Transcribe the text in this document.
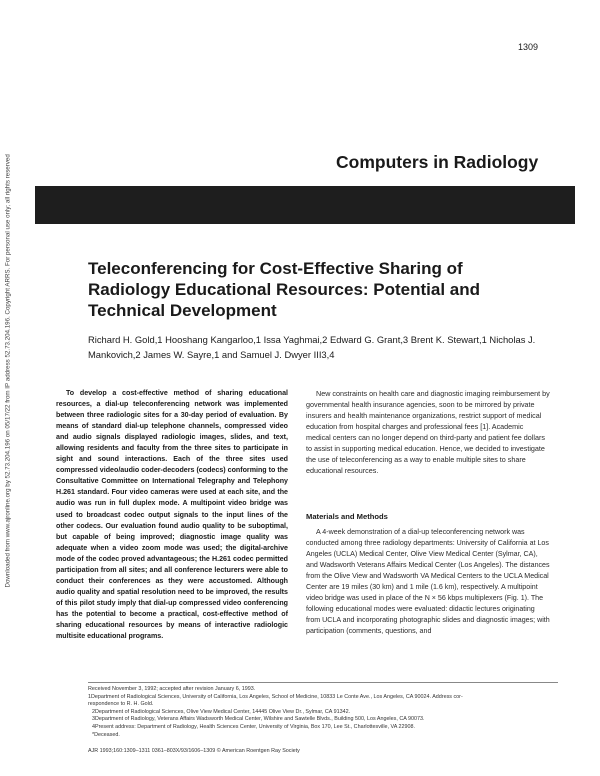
Downloaded from www.ajronline.org by 52.73.204.196 on 05/17/22 from IP address 52.73.204.196. Copyright ARRS. For personal use only; all rights reserved
1309
Computers in Radiology
Teleconferencing for Cost-Effective Sharing of Radiology Educational Resources: Potential and Technical Development
Richard H. Gold,1 Hooshang Kangarloo,1 Issa Yaghmai,2 Edward G. Grant,3 Brent K. Stewart,1 Nicholas J. Mankovich,2 James W. Sayre,1 and Samuel J. Dwyer III3,4

To develop a cost-effective method of sharing educational resources, a dial-up teleconferencing network was implemented between three radiologic sites for a 30-day period of evaluation. By means of standard dial-up telephone channels, compressed video and audio signals displayed radiologic images, slides, and text, allowing residents and faculty from the three sites to participate in sight and sound interactions. Each of the three sites used compressed video/audio coder-decoders (codecs) conforming to the Consultative Committee on International Telegraphy and Telephony H.261 standard. Four video cameras were used at each site, and the audio was run in full duplex mode. A multipoint video bridge was used to broadcast codec output signals to the input lines of the other codecs. Our evaluation found audio quality to be suboptimal, but capable of being improved; diagnostic image quality was adequate when a video zoom mode was used; the digital-archive mode of the codec proved advantageous; the H.261 codec permitted participation from all sites; and all conference lecturers were able to conduct their conferences as they were accustomed. Although audio quality and spatial resolution need to be improved, the results of this pilot study imply that dial-up compressed video conferencing has the potential to become a practical, cost-effective method of sharing educational resources by means of interactive radiologic multisite educational programs.

New constraints on health care and diagnostic imaging reimbursement by governmental health insurance agencies, soon to be mirrored by private insurers and health maintenance organizations, restrict support of medical education from hospital charges and professional fees [1]. Academic medical centers can no longer depend on third-party and patient fee dollars to assist in supporting medical education. Hence, we decided to investigate the use of teleconferencing as a way to enable multiple sites to share educational resources.

Materials and Methods

A 4-week demonstration of a dial-up teleconferencing network was conducted among three radiology departments: University of California at Los Angeles (UCLA) Medical Center, Olive View Medical Center (Sylmar, CA), and Wadsworth Veterans Affairs Medical Center (Los Angeles). The distances from the Olive View and Wadsworth VA Medical Centers to the UCLA Medical Center are 19 miles (30 km) and 1 mile (1.6 km), respectively. A multipoint video bridge was used in place of the N × 56 kbps multiplexers (Fig. 1). The following educational modes were evaluated: didactic lectures originating from UCLA and incorporating photographic slides and diagnostic images; with participation (comments, questions, and

Received November 3, 1992; accepted after revision January 6, 1993.
1Department of Radiological Sciences, University of California, Los Angeles, School of Medicine, 10833 Le Conte Ave., Los Angeles, CA 90024. Address cor-
respondence to R. H. Gold.
2Department of Radiological Sciences, Olive View Medical Center, 14445 Olive View Dr., Sylmar, CA 91342.
3Department of Radiology, Veterans Affairs Wadsworth Medical Center, Wilshire and Sawtelle Blvds., Building 500, Los Angeles, CA 90073.
4Present address: Department of Radiology, Health Sciences Center, University of Virginia, Box 170, Lee St., Charlottesville, VA 22908.
*Deceased.
AJR 1993;160:1309–1311 0361–803X/93/1606–1309 © American Roentgen Ray Society
